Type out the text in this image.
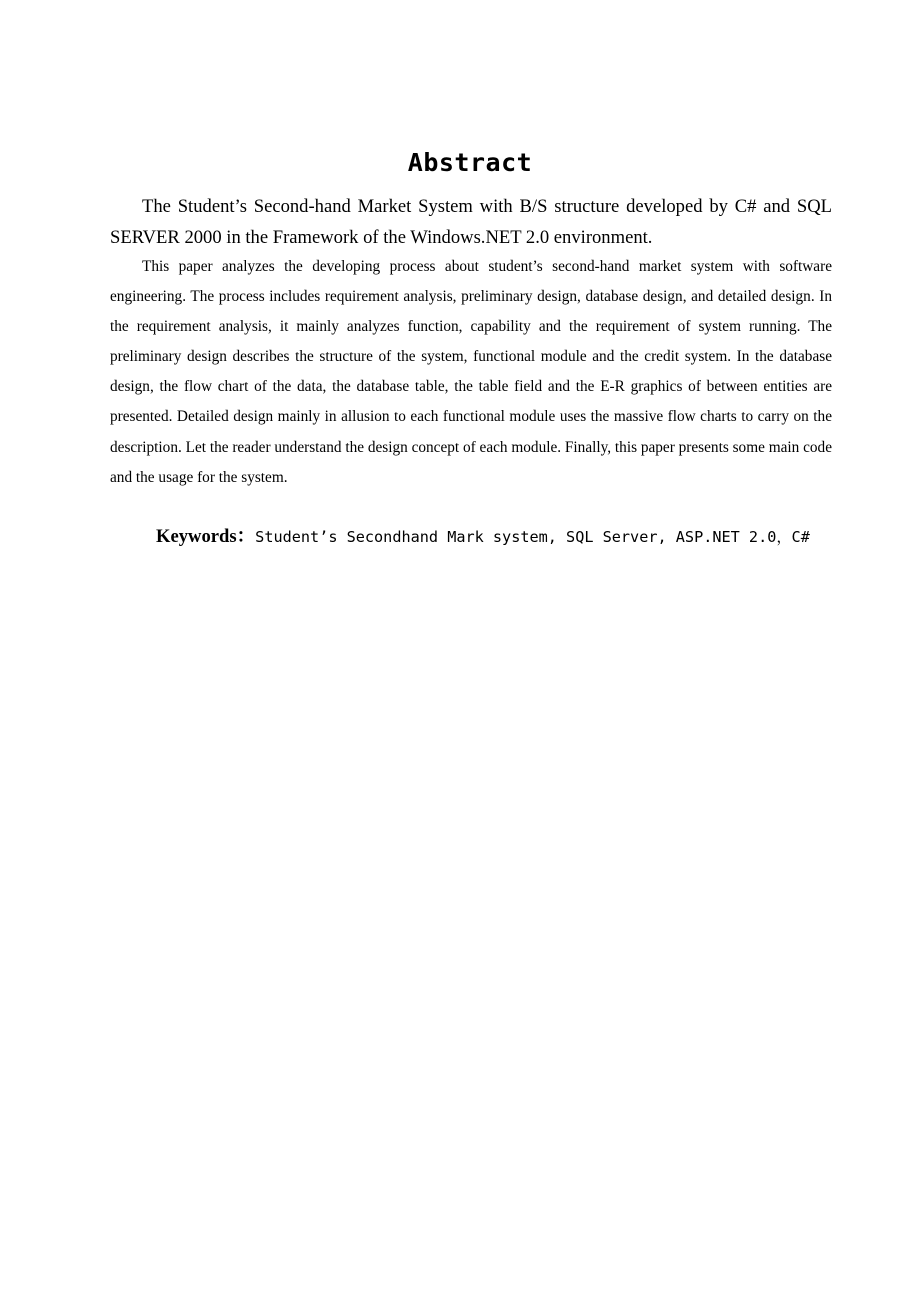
Abstract

The Student’s Second-hand Market System with B/S structure developed by C# and SQL SERVER 2000 in the Framework of the Windows.NET 2.0 environment.

This paper analyzes the developing process about student’s second-hand market system with software engineering. The process includes requirement analysis, preliminary design, database design, and detailed design. In the requirement analysis, it mainly analyzes function, capability and the requirement of system running. The preliminary design describes the structure of the system, functional module and the credit system. In the database design, the flow chart of the data, the database table, the table field and the E-R graphics of between entities are presented. Detailed design mainly in allusion to each functional module uses the massive flow charts to carry on the description. Let the reader understand the design concept of each module. Finally, this paper presents some main code and the usage for the system.

Keywords：Student’s Secondhand Mark system, SQL Server, ASP.NET 2.0，C#
